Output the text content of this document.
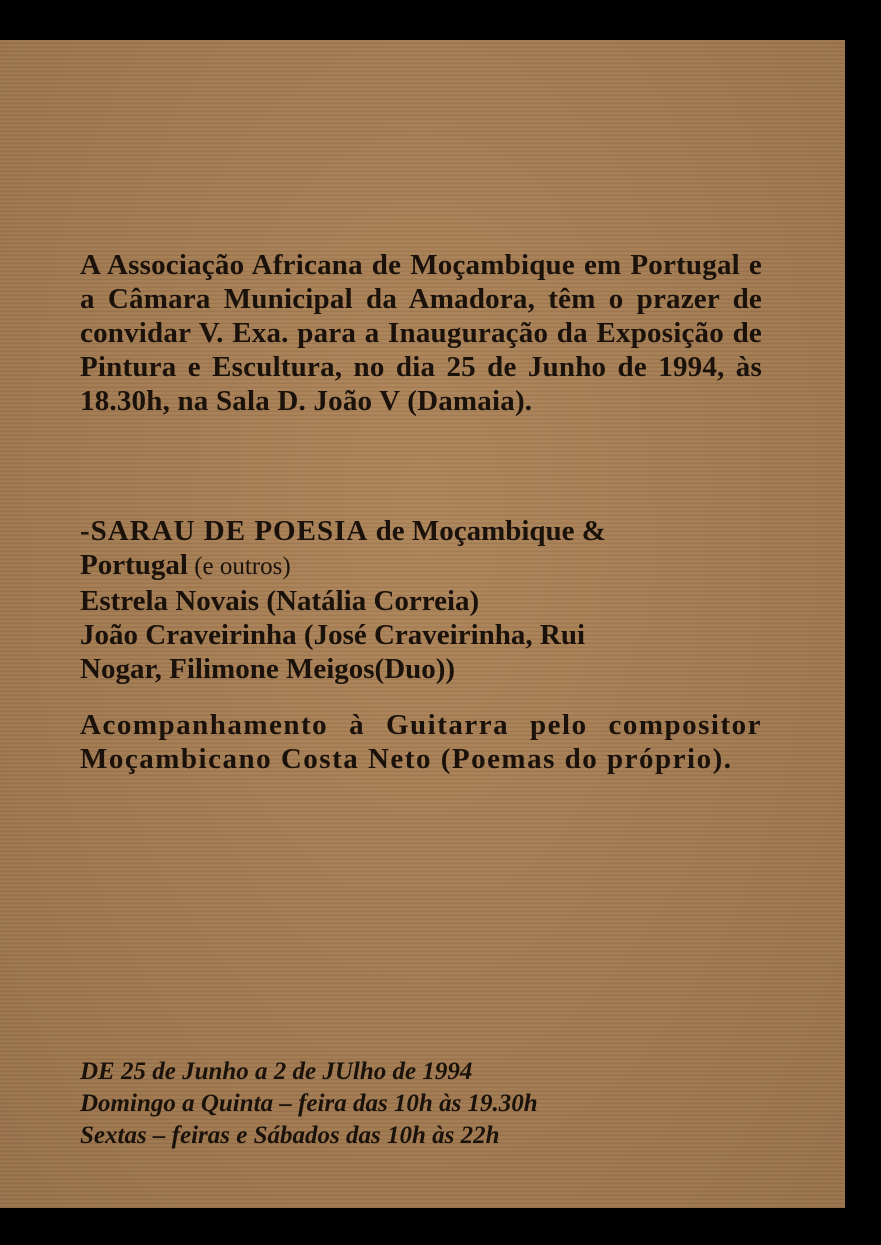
A Associação Africana de Moçambique em Portugal e a Câmara Municipal da Amadora, têm o prazer de convidar V. Exa. para a Inauguração da Exposição de Pintura e Escultura, no dia 25 de Junho de 1994, às 18.30h, na Sala D. João V (Damaia).
-SARAU DE POESIA de Moçambique &
Portugal (e outros)
Estrela Novais (Natália Correia)
João Craveirinha (José Craveirinha, Rui
Nogar, Filimone Meigos(Duo))
Acompanhamento à Guitarra pelo compositor Moçambicano Costa Neto (Poemas do próprio).
DE 25 de Junho a 2 de JUlho de 1994
Domingo a Quinta – feira das 10h às 19.30h
Sextas – feiras e Sábados das 10h às 22h
